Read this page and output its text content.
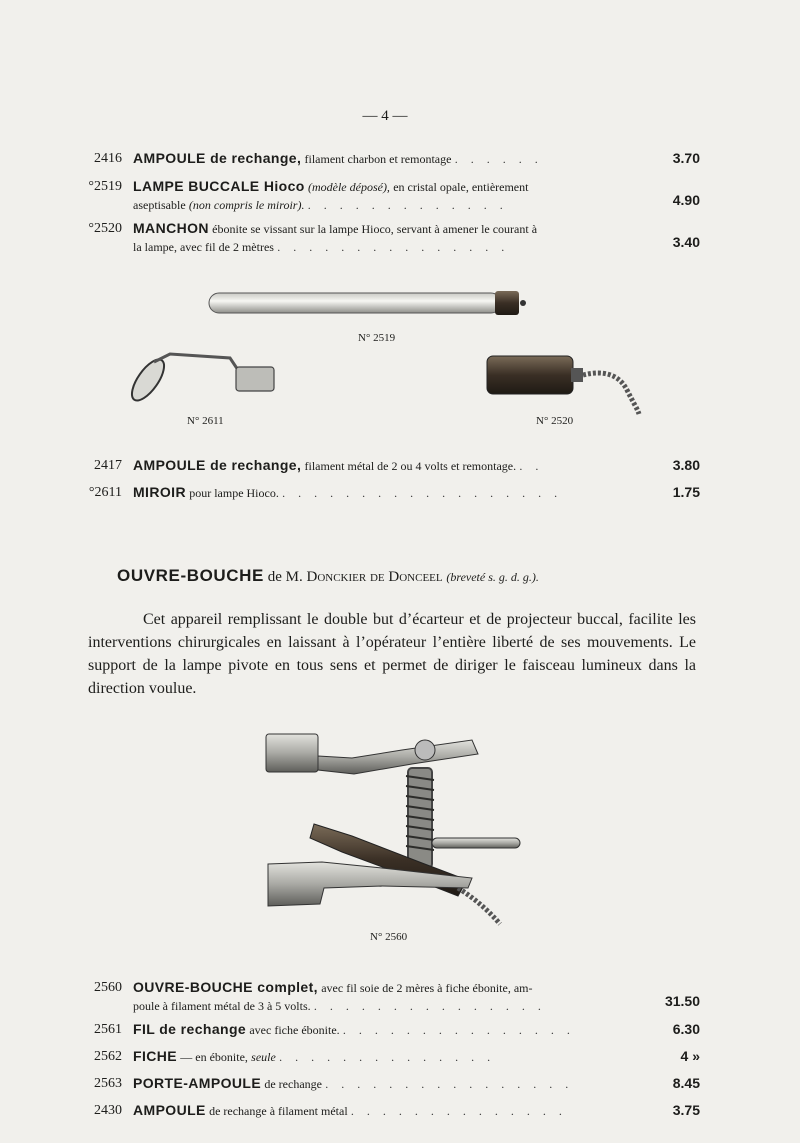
— 4 —
2416 AMPOULE de rechange, filament charbon et remontage . . . . . .	3.70
°2519 LAMPE BUCCALE Hioco (modèle déposé), en cristal opale, entièrement
aseptisable (non compris le miroir). . . . . . . . . . . . . .	4.90
°2520 MANCHON ébonite se vissant sur la lampe Hioco, servant à amener le courant à
la lampe, avec fil de 2 mètres . . . . . . . . . . . . . . .	3.40
N° 2519
N° 2611	N° 2520
2417 AMPOULE de rechange, filament métal de 2 ou 4 volts et remontage. . .	3.80
°2611 MIROIR pour lampe Hioco. . . . . . . . . . . . . . . . . . .	1.75
OUVRE-BOUCHE de M. Donckier de Donceel (breveté s. g. d. g.).
Cet appareil remplissant le double but d’écarteur et de projecteur buccal, facilite les interventions chirurgicales en laissant à l’opérateur l’entière liberté de ses mouvements. Le support de la lampe pivote en tous sens et permet de diriger le faisceau lumineux dans la direction voulue.
N° 2560
2560 OUVRE-BOUCHE complet, avec fil soie de 2 mères à fiche ébonite, am-
poule à filament métal de 3 à 5 volts. . . . . . . . . . . . . . . .	31.50
2561 FIL de rechange avec fiche ébonite. . . . . . . . . . . . . . . .	6.30
2562 FICHE — en ébonite, seule . . . . . . . . . . . . . .	4 »
2563 PORTE-AMPOULE de rechange . . . . . . . . . . . . . . . .	8.45
2430 AMPOULE de rechange à filament métal . . . . . . . . . . . . . .	3.75
